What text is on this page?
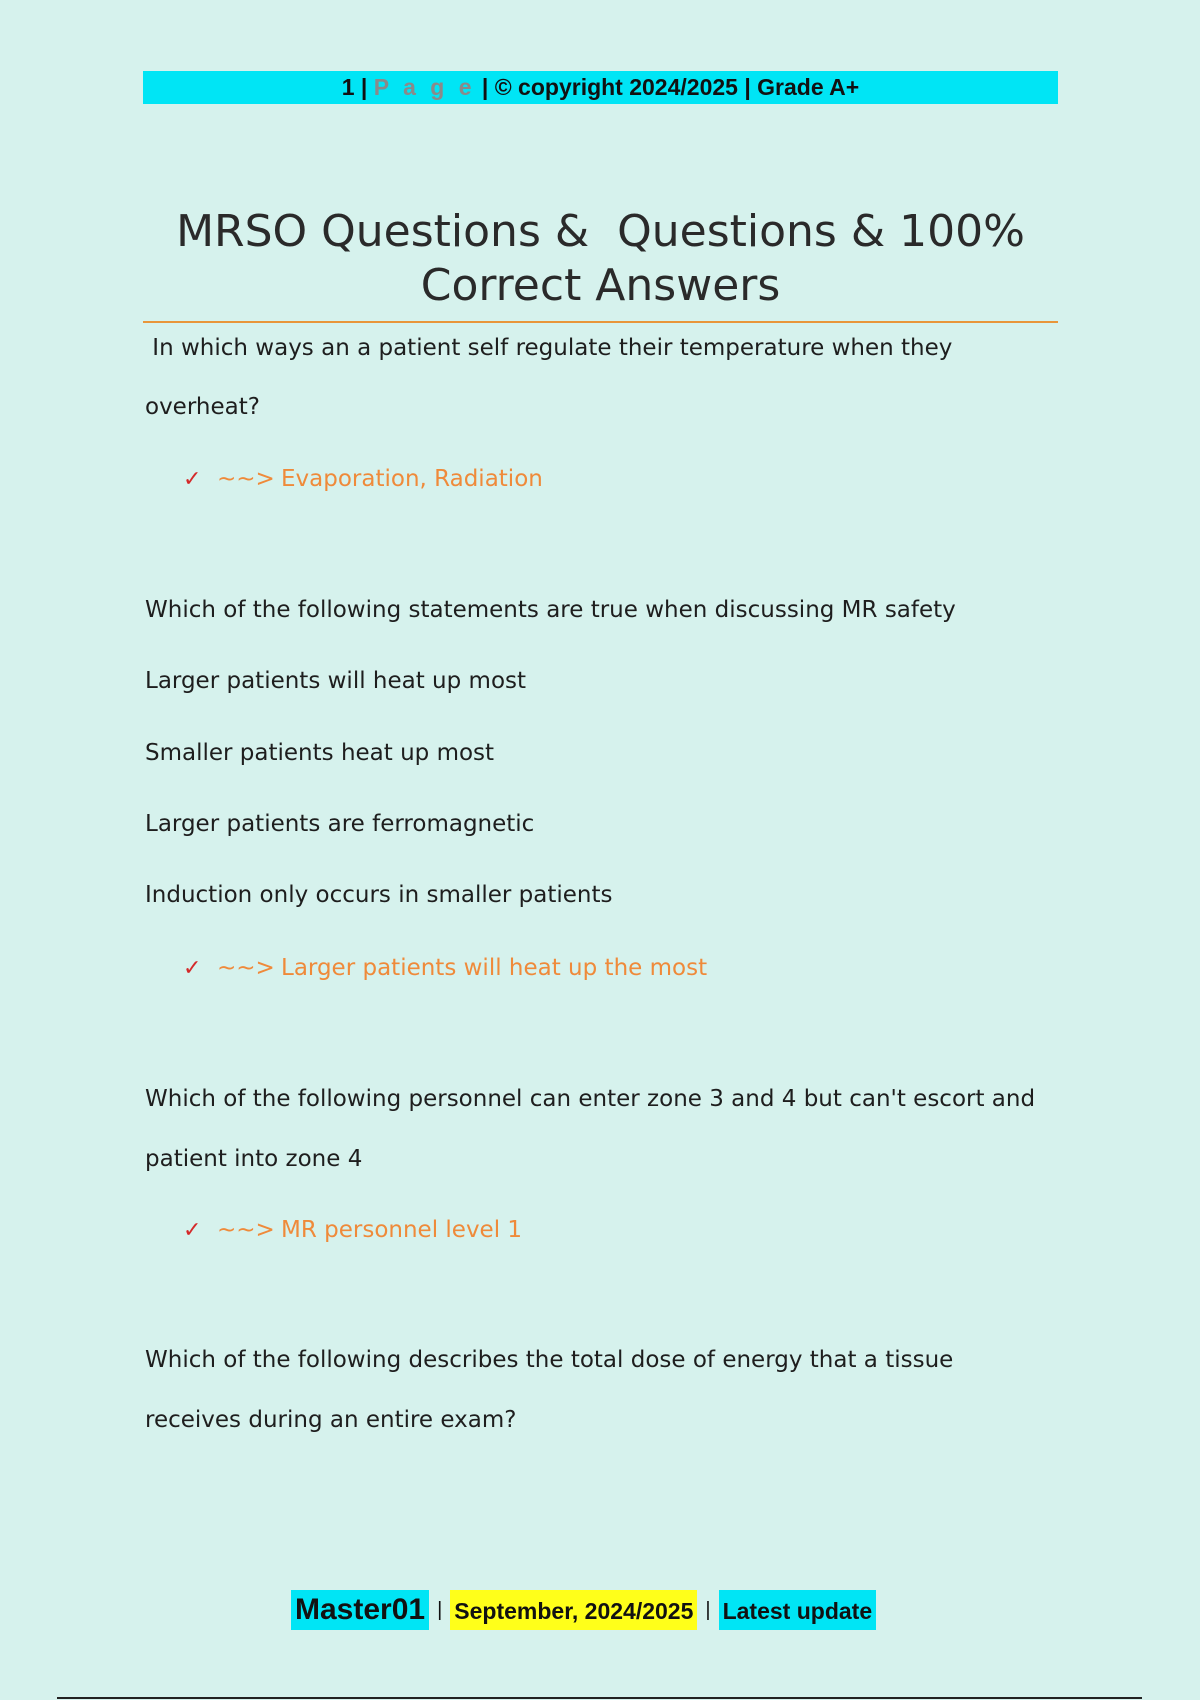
1 | P a g e | © copyright 2024/2025 | Grade A+
MRSO Questions &  Questions & 100%
Correct Answers
In which ways an a patient self regulate their temperature when they
overheat?
✓ ~~> Evaporation, Radiation
Which of the following statements are true when discussing MR safety
Larger patients will heat up most
Smaller patients heat up most
Larger patients are ferromagnetic
Induction only occurs in smaller patients
✓ ~~> Larger patients will heat up the most
Which of the following personnel can enter zone 3 and 4 but can't escort and
patient into zone 4
✓ ~~> MR personnel level 1
Which of the following describes the total dose of energy that a tissue
receives during an entire exam?
Master01 | September, 2024/2025 | Latest update
